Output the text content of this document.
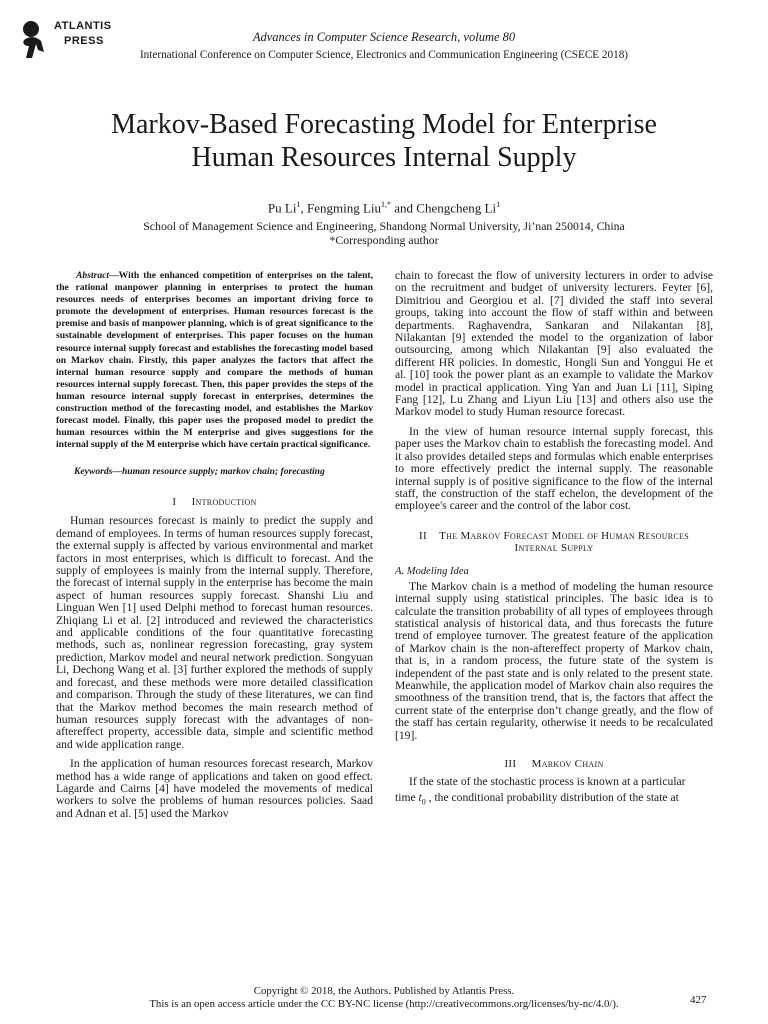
ATLANTIS
PRESS	Advances in Computer Science Research, volume 80
International Conference on Computer Science, Electronics and Communication Engineering (CSECE 2018)
Markov-Based Forecasting Model for Enterprise
Human Resources Internal Supply
Pu Li$^1$, Fengming Liu$^{1,*}$ and Chengcheng Li$^1$
School of Management Science and Engineering, Shandong Normal University, Ji’nan 250014, China
*Corresponding author

Abstract—With the enhanced competition of enterprises on the talent, the rational manpower planning in enterprises to protect the human resources needs of enterprises becomes an important driving force to promote the development of enterprises. Human resources forecast is the premise and basis of manpower planning, which is of great significance to the sustainable development of enterprises. This paper focuses on the human resource internal supply forecast and establishes the forecasting model based on Markov chain. Firstly, this paper analyzes the factors that affect the internal human resource supply and compare the methods of human resources internal supply forecast. Then, this paper provides the steps of the human resource internal supply forecast in enterprises, determines the construction method of the forecasting model, and establishes the Markov forecast model. Finally, this paper uses the proposed model to predict the human resources within the M enterprise and gives suggestions for the internal supply of the M enterprise which have certain practical significance.

Keywords—human resource supply; markov chain; forecasting

I Introduction

Human resources forecast is mainly to predict the supply and demand of employees. In terms of human resources supply forecast, the external supply is affected by various environmental and market factors in most enterprises, which is difficult to forecast. And the supply of employees is mainly from the internal supply. Therefore, the forecast of internal supply in the enterprise has become the main aspect of human resources supply forecast. Shanshi Liu and Linguan Wen [1] used Delphi method to forecast human resources. Zhiqiang Li et al. [2] introduced and reviewed the characteristics and applicable conditions of the four quantitative forecasting methods, such as, nonlinear regression forecasting, gray system prediction, Markov model and neural network prediction. Songyuan Li, Dechong Wang et al. [3] further explored the methods of supply and forecast, and these methods were more detailed classification and comparison. Through the study of these literatures, we can find that the Markov method becomes the main research method of human resources supply forecast with the advantages of non-aftereffect property, accessible data, simple and scientific method and wide application range.

In the application of human resources forecast research, Markov method has a wide range of applications and taken on good effect. Lagarde and Cairns [4] have modeled the movements of medical workers to solve the problems of human resources policies. Saad and Adnan et al. [5] used the Markov

chain to forecast the flow of university lecturers in order to advise on the recruitment and budget of university lecturers. Feyter [6], Dimitriou and Georgiou et al. [7] divided the staff into several groups, taking into account the flow of staff within and between departments. Raghavendra, Sankaran and Nilakantan [8], Nilakantan [9] extended the model to the organization of labor outsourcing, among which Nilakantan [9] also evaluated the different HR policies. In domestic, Hongli Sun and Yonggui He et al. [10] took the power plant as an example to validate the Markov model in practical application. Ying Yan and Juan Li [11], Siping Fang [12], Lu Zhang and Liyun Liu [13] and others also use the Markov model to study Human resource forecast.

In the view of human resource internal supply forecast, this paper uses the Markov chain to establish the forecasting model. And it also provides detailed steps and formulas which enable enterprises to more effectively predict the internal supply. The reasonable internal supply is of positive significance to the flow of the internal staff, the construction of the staff echelon, the development of the employee's career and the control of the labor cost.

II The Markov Forecast Model of Human Resources
Internal Supply
A. Modeling Idea

The Markov chain is a method of modeling the human resource internal supply using statistical principles. The basic idea is to calculate the transition probability of all types of employees through statistical analysis of historical data, and thus forecasts the future trend of employee turnover. The greatest feature of the application of Markov chain is the non-aftereffect property of Markov chain, that is, in a random process, the future state of the system is independent of the past state and is only related to the present state. Meanwhile, the application model of Markov chain also requires the smoothness of the transition trend, that is, the factors that affect the current state of the enterprise don’t change greatly, and the flow of the staff has certain regularity, otherwise it needs to be recalculated [19].

III Markov Chain

If the state of the stochastic process is known at a particular

time $t_0$ , the conditional probability distribution of the state at

Copyright © 2018, the Authors. Published by Atlantis Press.
This is an open access article under the CC BY-NC license (http://creativecommons.org/licenses/by-nc/4.0/).	427
